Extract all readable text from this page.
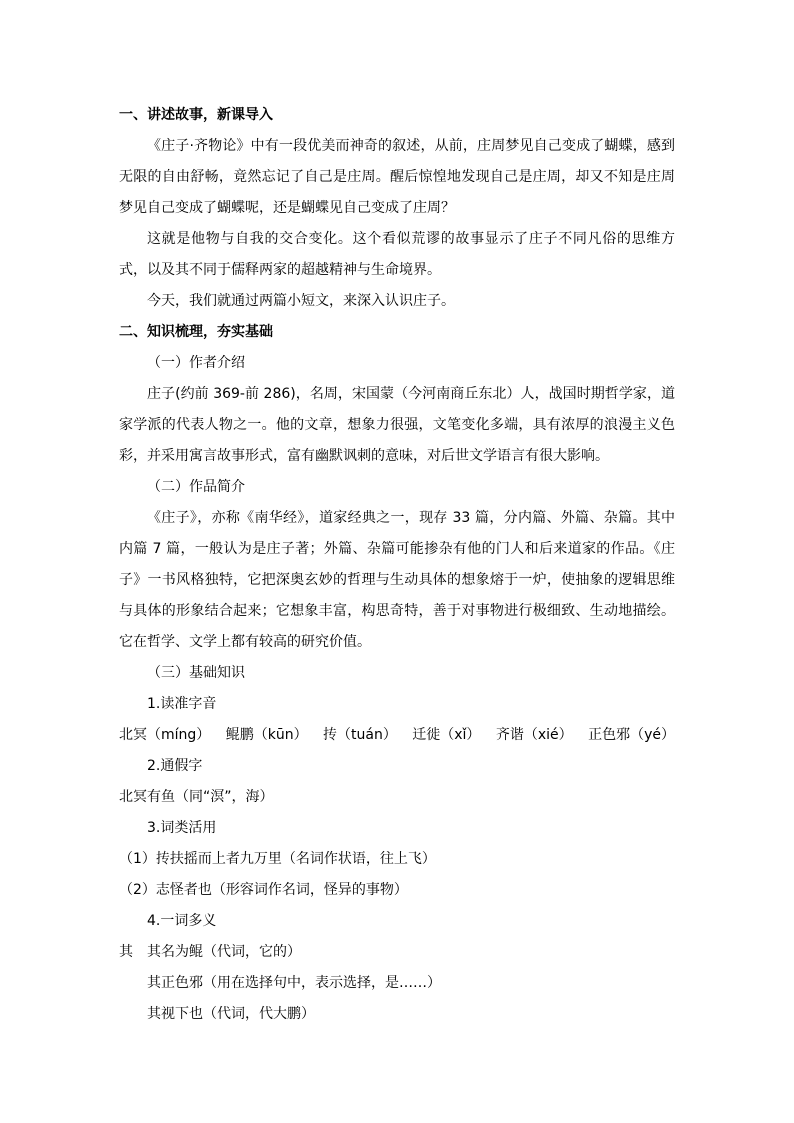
一、讲述故事，新课导入
《庄子·齐物论》中有一段优美而神奇的叙述，从前，庄周梦见自己变成了蝴蝶，感到无限的自由舒畅，竟然忘记了自己是庄周。醒后惊惶地发现自己是庄周，却又不知是庄周梦见自己变成了蝴蝶呢，还是蝴蝶见自己变成了庄周？
这就是他物与自我的交合变化。这个看似荒谬的故事显示了庄子不同凡俗的思维方式，以及其不同于儒释两家的超越精神与生命境界。
今天，我们就通过两篇小短文，来深入认识庄子。
二、知识梳理，夯实基础
（一）作者介绍
庄子(约前 369-前 286)，名周，宋国蒙（今河南商丘东北）人，战国时期哲学家，道家学派的代表人物之一。他的文章，想象力很强，文笔变化多端，具有浓厚的浪漫主义色彩，并采用寓言故事形式，富有幽默讽刺的意味，对后世文学语言有很大影响。
（二）作品简介
《庄子》，亦称《南华经》，道家经典之一，现存 33 篇，分内篇、外篇、杂篇。其中内篇 7 篇，一般认为是庄子著；外篇、杂篇可能掺杂有他的门人和后来道家的作品。《庄子》一书风格独特，它把深奥玄妙的哲理与生动具体的想象熔于一炉，使抽象的逻辑思维与具体的形象结合起来；它想象丰富，构思奇特，善于对事物进行极细致、生动地描绘。它在哲学、文学上都有较高的研究价值。
（三）基础知识
1.读准字音
北冥（míng） 鲲鹏（kūn） 抟（tuán） 迁徙（xǐ） 齐谐（xié） 正色邪（yé）
2.通假字
北冥有鱼（同“溟”，海）
3.词类活用
（1）抟扶摇而上者九万里（名词作状语，往上飞）
（2）志怪者也（形容词作名词，怪异的事物）
4.一词多义
其	其名为鲲（代词，它的）
其正色邪（用在选择句中，表示选择，是……）
其视下也（代词，代大鹏）
